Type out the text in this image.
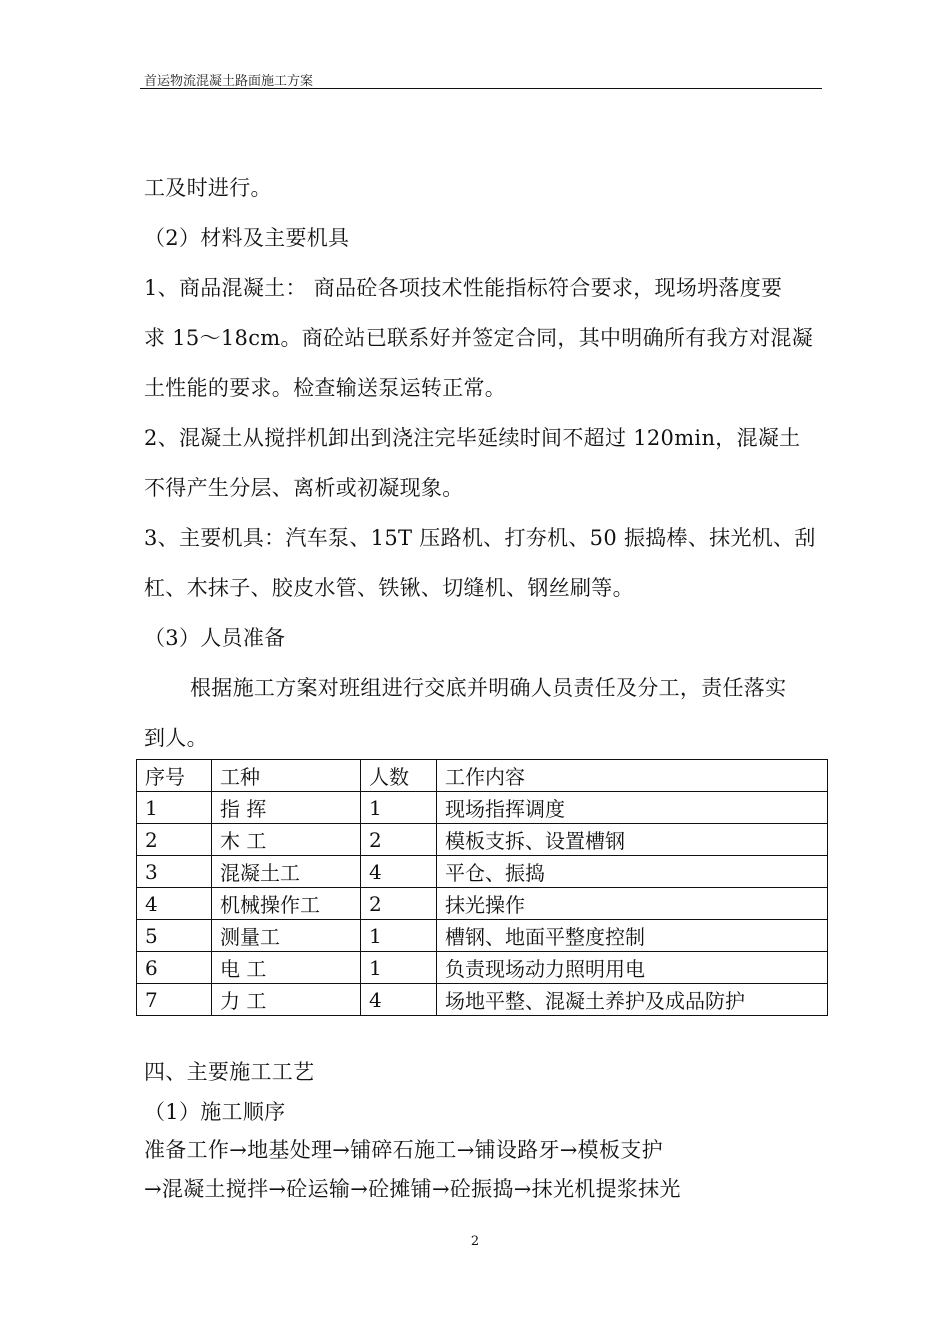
首运物流混凝土路面施工方案
工及时进行。
（2）材料及主要机具
1、商品混凝土： 商品砼各项技术性能指标符合要求，现场坍落度要
求 15～18cm。商砼站已联系好并签定合同，其中明确所有我方对混凝
土性能的要求。检查输送泵运转正常。
2、混凝土从搅拌机卸出到浇注完毕延续时间不超过 120min，混凝土
不得产生分层、离析或初凝现象。
3、主要机具：汽车泵、15T 压路机、打夯机、50 振捣棒、抹光机、刮
杠、木抹子、胶皮水管、铁锹、切缝机、钢丝刷等。
（3）人员准备
根据施工方案对班组进行交底并明确人员责任及分工，责任落实
到人。
序号	工种	人数	工作内容
1	指 挥	1	现场指挥调度
2	木 工	2	模板支拆、设置槽钢
3	混凝土工	4	平仓、振捣
4	机械操作工	2	抹光操作
5	测量工	1	槽钢、地面平整度控制
6	电 工	1	负责现场动力照明用电
7	力 工	4	场地平整、混凝土养护及成品防护
四、主要施工工艺
（1）施工顺序
准备工作→地基处理→铺碎石施工→铺设路牙→模板支护
→混凝土搅拌→砼运输→砼摊铺→砼振捣→抹光机提浆抹光
2
